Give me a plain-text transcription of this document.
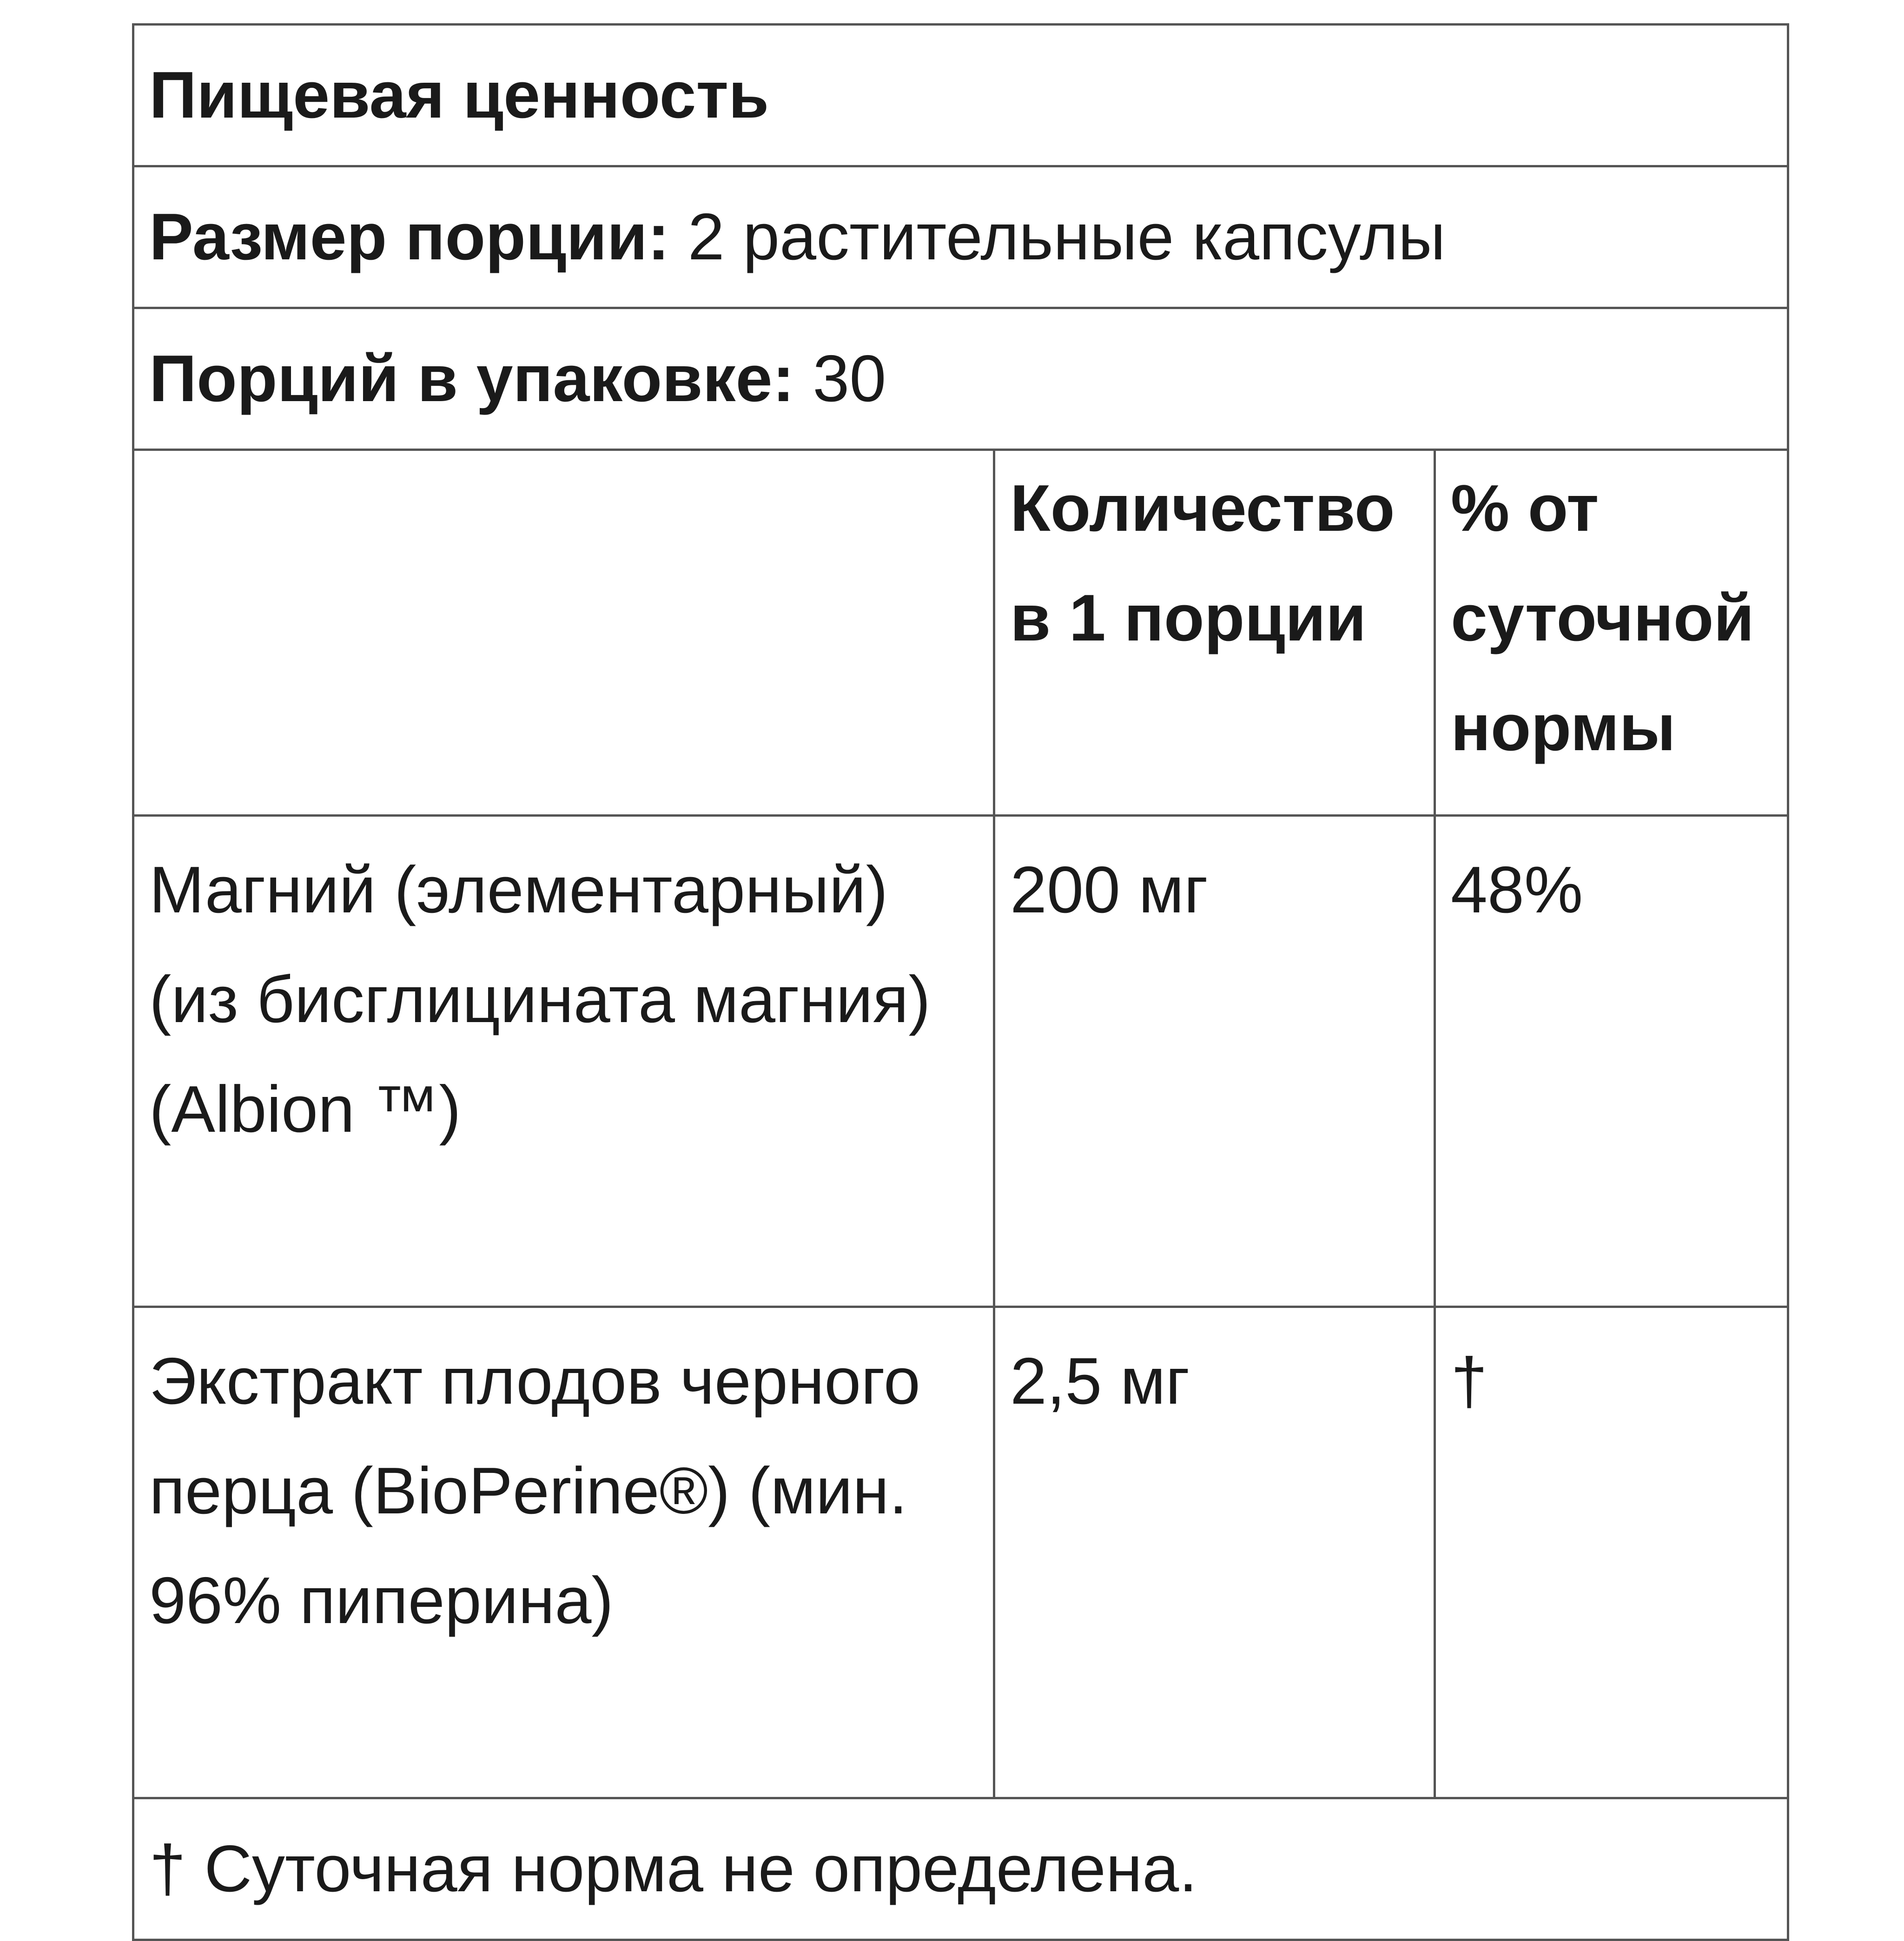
Пищевая ценность		
Размер порции: 2 растительные капсулы		
Порций в упаковке: 30		
	Количество в 1 порции	% от суточной нормы
Магний (элементарный) (из бисглицината магния) (Albion ™)	200 мг	48%
Экстракт плодов черного перца (BioPerine®) (мин. 96% пиперина)	2,5 мг	†
† Суточная норма не определена.		
